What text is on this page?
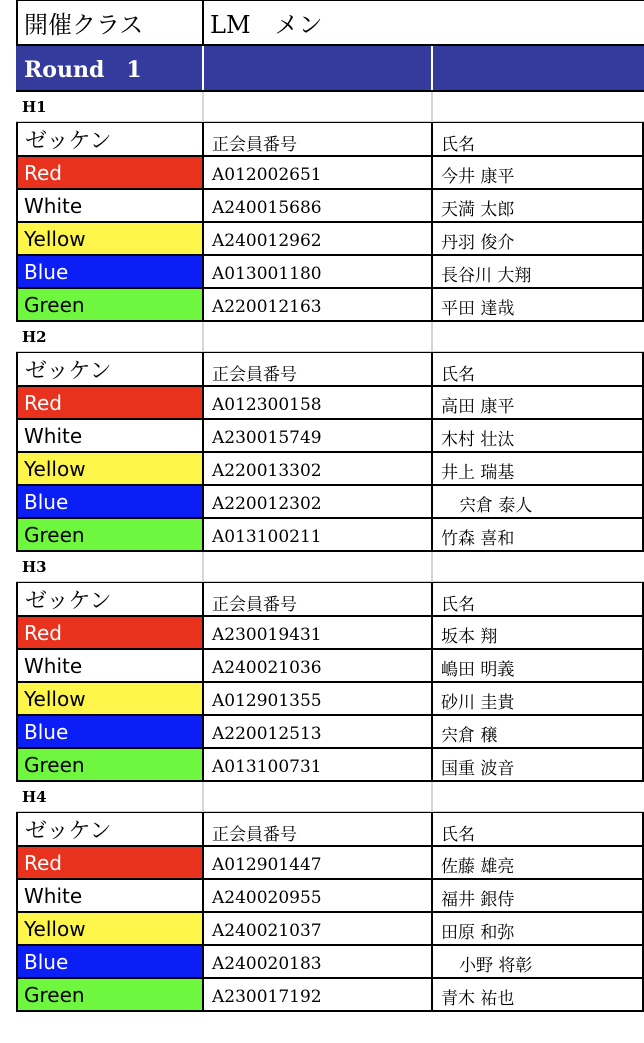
開催クラス	LM　メン
Round　1
H1
ゼッケン	正会員番号	氏名
Red	A012002651	今井 康平
White	A240015686	天満 太郎
Yellow	A240012962	丹羽 俊介
Blue	A013001180	長谷川 大翔
Green	A220012163	平田 達哉
H2
ゼッケン	正会員番号	氏名
Red	A012300158	高田 康平
White	A230015749	木村 壮汰
Yellow	A220013302	井上 瑞基
Blue	A220012302	宍倉 泰人
Green	A013100211	竹森 喜和
H3
ゼッケン	正会員番号	氏名
Red	A230019431	坂本 翔
White	A240021036	嶋田 明義
Yellow	A012901355	砂川 圭貴
Blue	A220012513	宍倉 穣
Green	A013100731	国重 波音
H4
ゼッケン	正会員番号	氏名
Red	A012901447	佐藤 雄亮
White	A240020955	福井 銀侍
Yellow	A240021037	田原 和弥
Blue	A240020183	小野 将彰
Green	A230017192	青木 祐也
